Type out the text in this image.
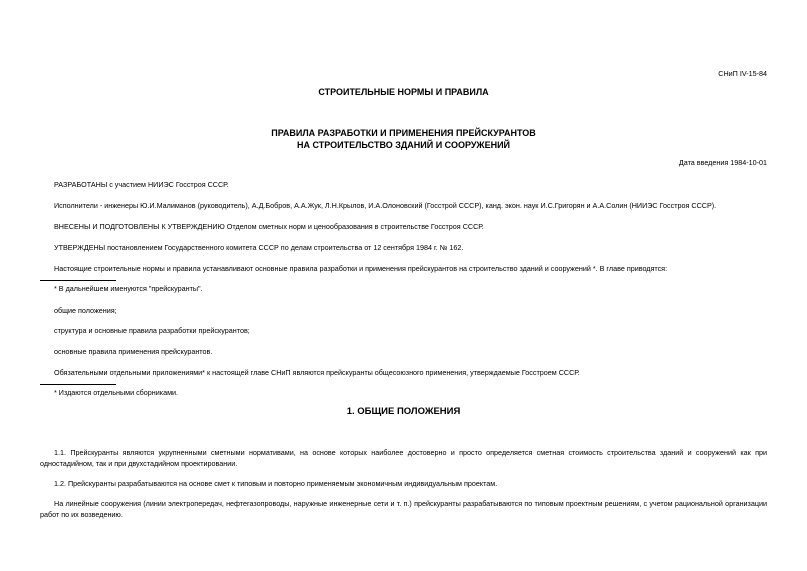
СНиП IV-15-84
СТРОИТЕЛЬНЫЕ НОРМЫ И ПРАВИЛА
ПРАВИЛА РАЗРАБОТКИ И ПРИМЕНЕНИЯ ПРЕЙСКУРАНТОВ
НА СТРОИТЕЛЬСТВО ЗДАНИЙ И СООРУЖЕНИЙ
Дата введения 1984-10-01
РАЗРАБОТАНЫ с участием НИИЭС Госстроя СССР.
Исполнители - инженеры Ю.И.Малиманов (руководитель), А.Д.Бобров, А.А.Жук, Л.Н.Крылов, И.А.Олоновский (Госстрой СССР), канд. экон. наук И.С.Григорян и А.А.Солин (НИИЭС Госстроя СССР).
ВНЕСЕНЫ И ПОДГОТОВЛЕНЫ К УТВЕРЖДЕНИЮ Отделом сметных норм и ценообразования в строительстве Госстроя СССР.
УТВЕРЖДЕНЫ постановлением Государственного комитета СССР по делам строительства от 12 сентября 1984 г. № 162.
Настоящие строительные нормы и правила устанавливают основные правила разработки и применения прейскурантов на строительство зданий и сооружений *. В главе приводятся:
* В дальнейшем именуются "прейскуранты".
общие положения;
структура и основные правила разработки прейскурантов;
основные правила применения прейскурантов.
Обязательными отдельными приложениями* к настоящей главе СНиП являются прейскуранты общесоюзного применения, утверждаемые Госстроем СССР.
* Издаются отдельными сборниками.
1. ОБЩИЕ ПОЛОЖЕНИЯ
1.1. Прейскуранты являются укрупненными сметными нормативами, на основе которых наиболее достоверно и просто определяется сметная стоимость строительства зданий и сооружений как при одностадийном, так и при двухстадийном проектировании.
1.2. Прейскуранты разрабатываются на основе смет к типовым и повторно применяемым экономичным индивидуальным проектам.
На линейные сооружения (линии электропередач, нефтегазопроводы, наружные инженерные сети и т. п.) прейскуранты разрабатываются по типовым проектным решениям, с учетом рациональной организации работ по их возведению.
